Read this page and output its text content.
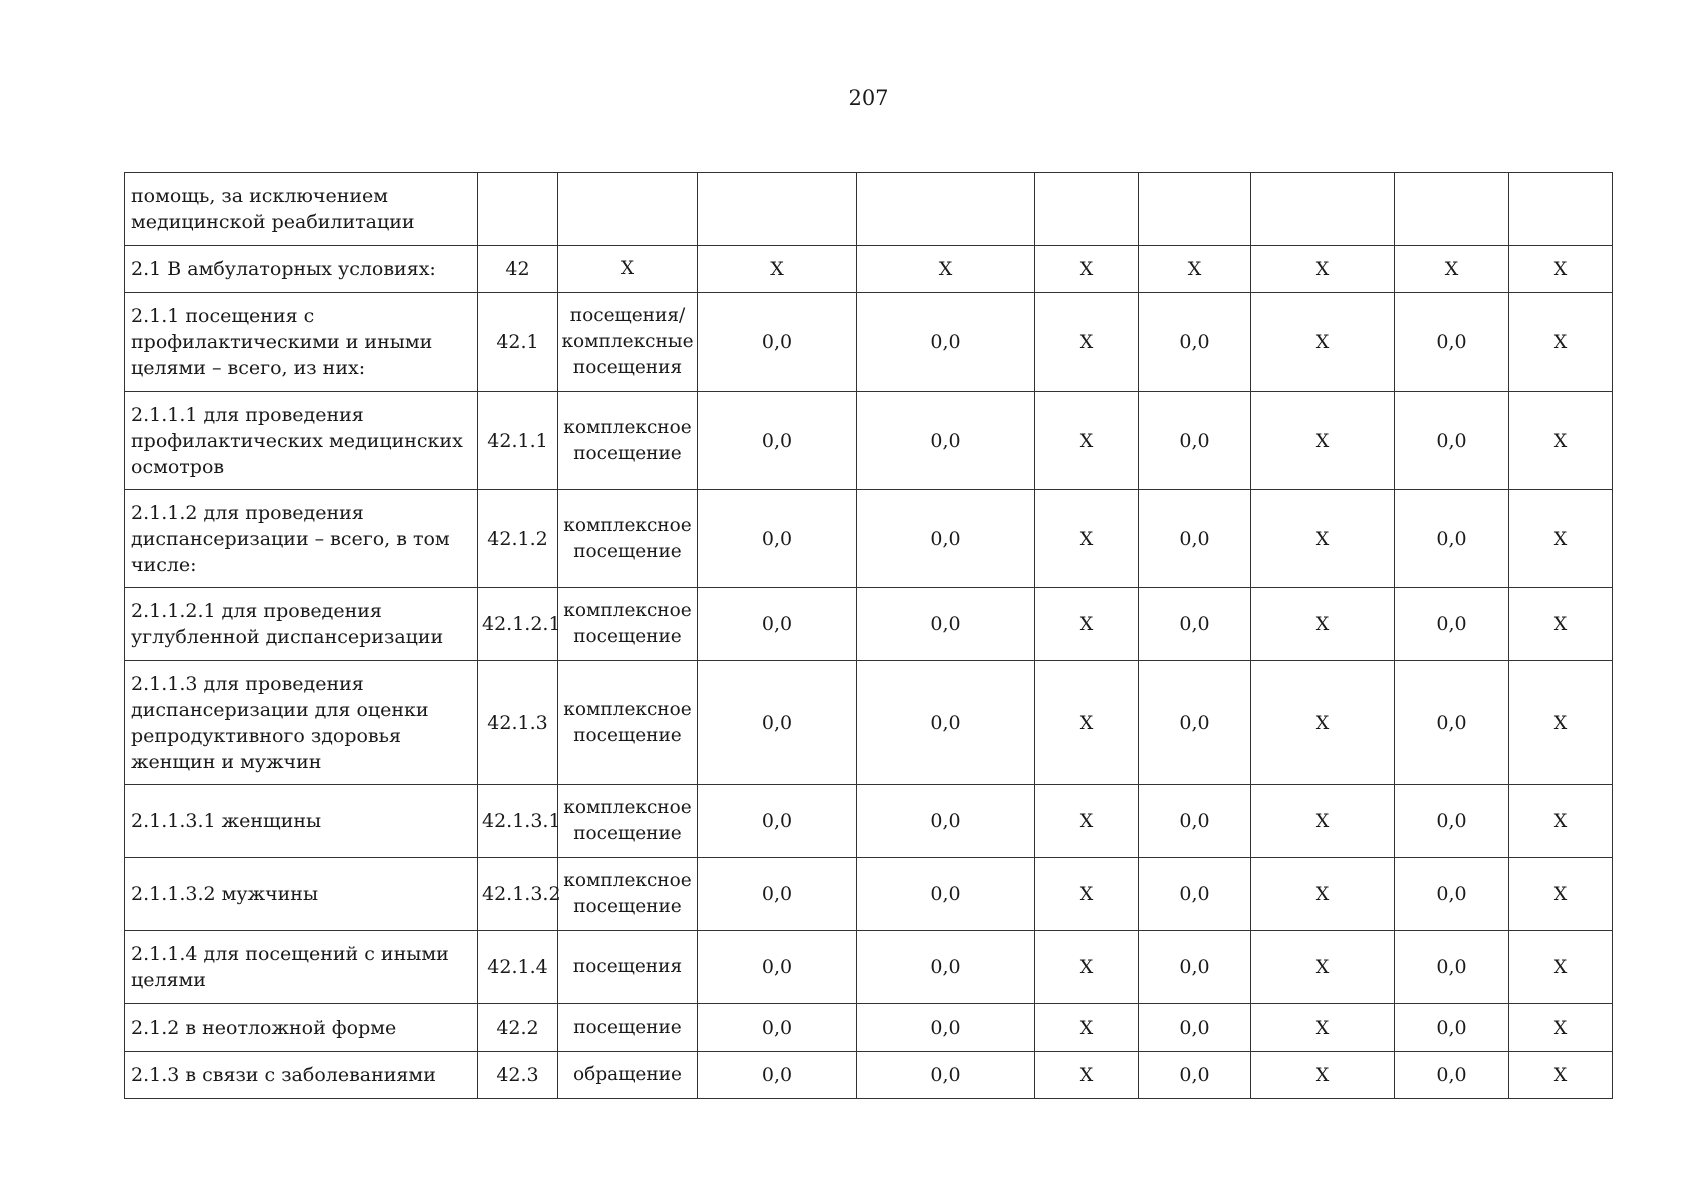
207
помощь, за исключением медицинской реабилитации									
2.1 В амбулаторных условиях:	42	Х	Х	Х	Х	Х	Х	Х	Х
2.1.1 посещения с профилактическими и иными целями – всего, из них:	42.1	посещения/ комплексные посещения	0,0	0,0	Х	0,0	Х	0,0	Х
2.1.1.1 для проведения профилактических медицинских осмотров	42.1.1	комплексное посещение	0,0	0,0	Х	0,0	Х	0,0	Х
2.1.1.2 для проведения диспансеризации – всего, в том числе:	42.1.2	комплексное посещение	0,0	0,0	Х	0,0	Х	0,0	Х
2.1.1.2.1 для проведения углубленной диспансеризации	42.1.2.1	комплексное посещение	0,0	0,0	Х	0,0	Х	0,0	Х
2.1.1.3 для проведения диспансеризации для оценки репродуктивного здоровья женщин и мужчин	42.1.3	комплексное посещение	0,0	0,0	Х	0,0	Х	0,0	Х
2.1.1.3.1 женщины	42.1.3.1	комплексное посещение	0,0	0,0	Х	0,0	Х	0,0	Х
2.1.1.3.2 мужчины	42.1.3.2	комплексное посещение	0,0	0,0	Х	0,0	Х	0,0	Х
2.1.1.4 для посещений с иными целями	42.1.4	посещения	0,0	0,0	Х	0,0	Х	0,0	Х
2.1.2 в неотложной форме	42.2	посещение	0,0	0,0	Х	0,0	Х	0,0	Х
2.1.3 в связи с заболеваниями	42.3	обращение	0,0	0,0	Х	0,0	Х	0,0	Х
